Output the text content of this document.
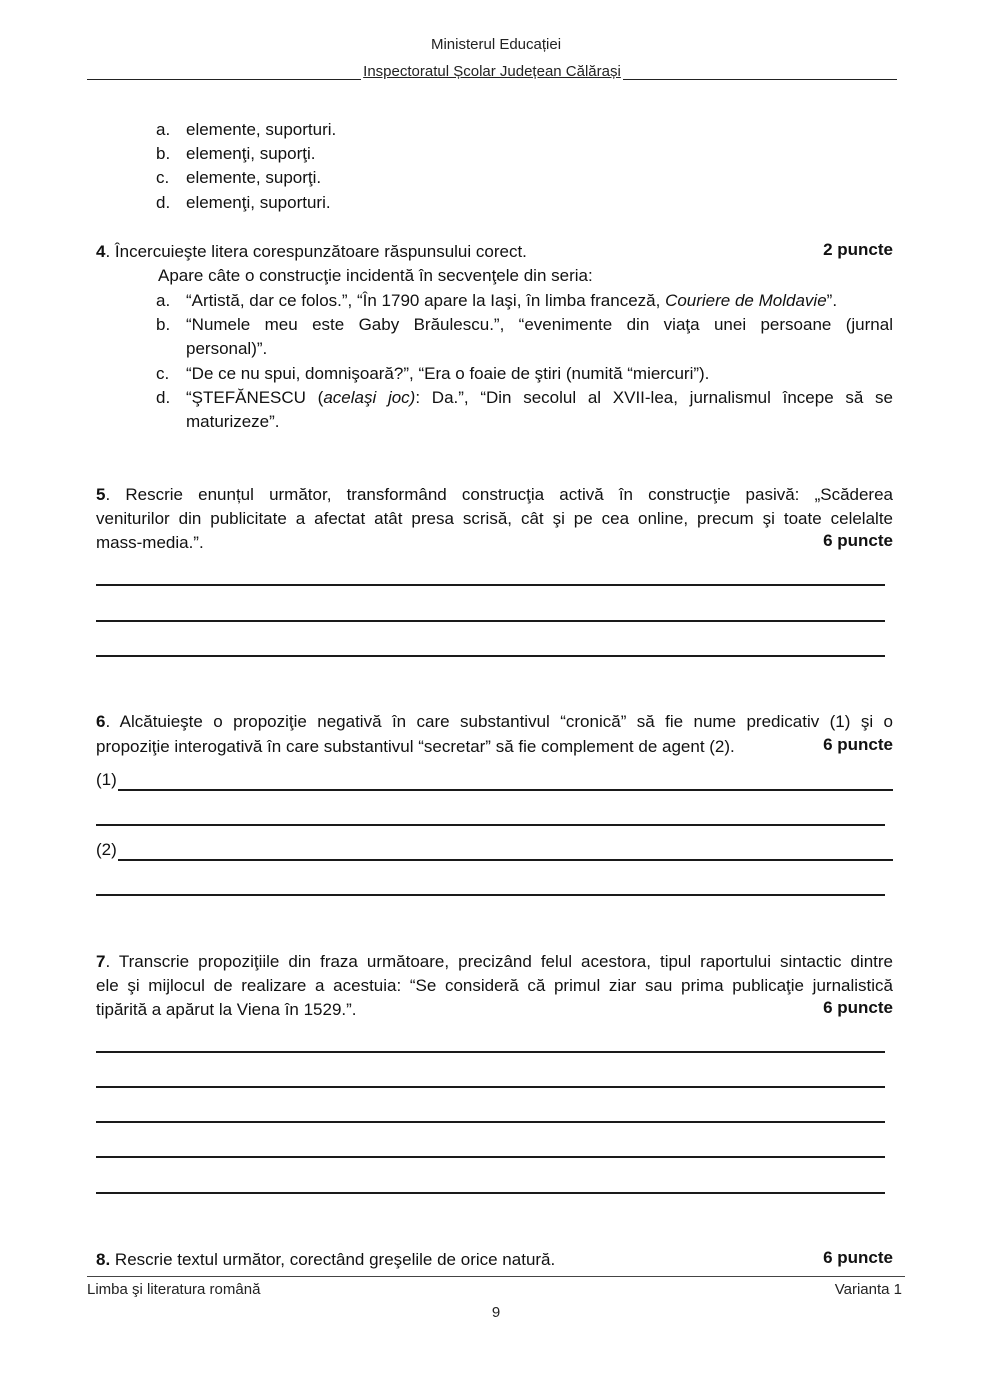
Ministerul Educației
Inspectoratul Școlar Județean Călărași
a. elemente, suporturi.
b. elemenţi, suporţi.
c. elemente, suporţi.
d. elemenţi, suporturi.
4. Încercuieşte litera corespunzătoare răspunsului corect.	2 puncte
Apare câte o construcţie incidentă în secvenţele din seria:
a. “Artistă, dar ce folos.”, “În 1790 apare la Iaşi, în limba franceză, Couriere de Moldavie”.
b. “Numele meu este Gaby Brăulescu.”, “evenimente din viaţa unei persoane (jurnal
personal)”.
c. “De ce nu spui, domnişoară?”, “Era o foaie de ştiri (numită “miercuri”).
d. “ŞTEFĂNESCU (acelaşi joc): Da.”, “Din secolul al XVII-lea, jurnalismul începe să se
maturizeze”.
5. Rescrie enunțul următor, transformând construcţia activă în construcţie pasivă: „Scăderea
veniturilor din publicitate a afectat atât presa scrisă, cât şi pe cea online, precum şi toate celelalte
mass-media.”.	6 puncte
6. Alcătuieşte o propoziţie negativă în care substantivul “cronică” să fie nume predicativ (1) şi o
propoziţie interogativă în care substantivul “secretar” să fie complement de agent (2).	6 puncte
(1)
(2)
7. Transcrie propoziţiile din fraza următoare, precizând felul acestora, tipul raportului sintactic dintre
ele şi mijlocul de realizare a acestuia: “Se consideră că primul ziar sau prima publicaţie jurnalistică
tipărită a apărut la Viena în 1529.”.	6 puncte
8. Rescrie textul următor, corectând greşelile de orice natură.	6 puncte
Limba şi literatura română	Varianta 1
9
